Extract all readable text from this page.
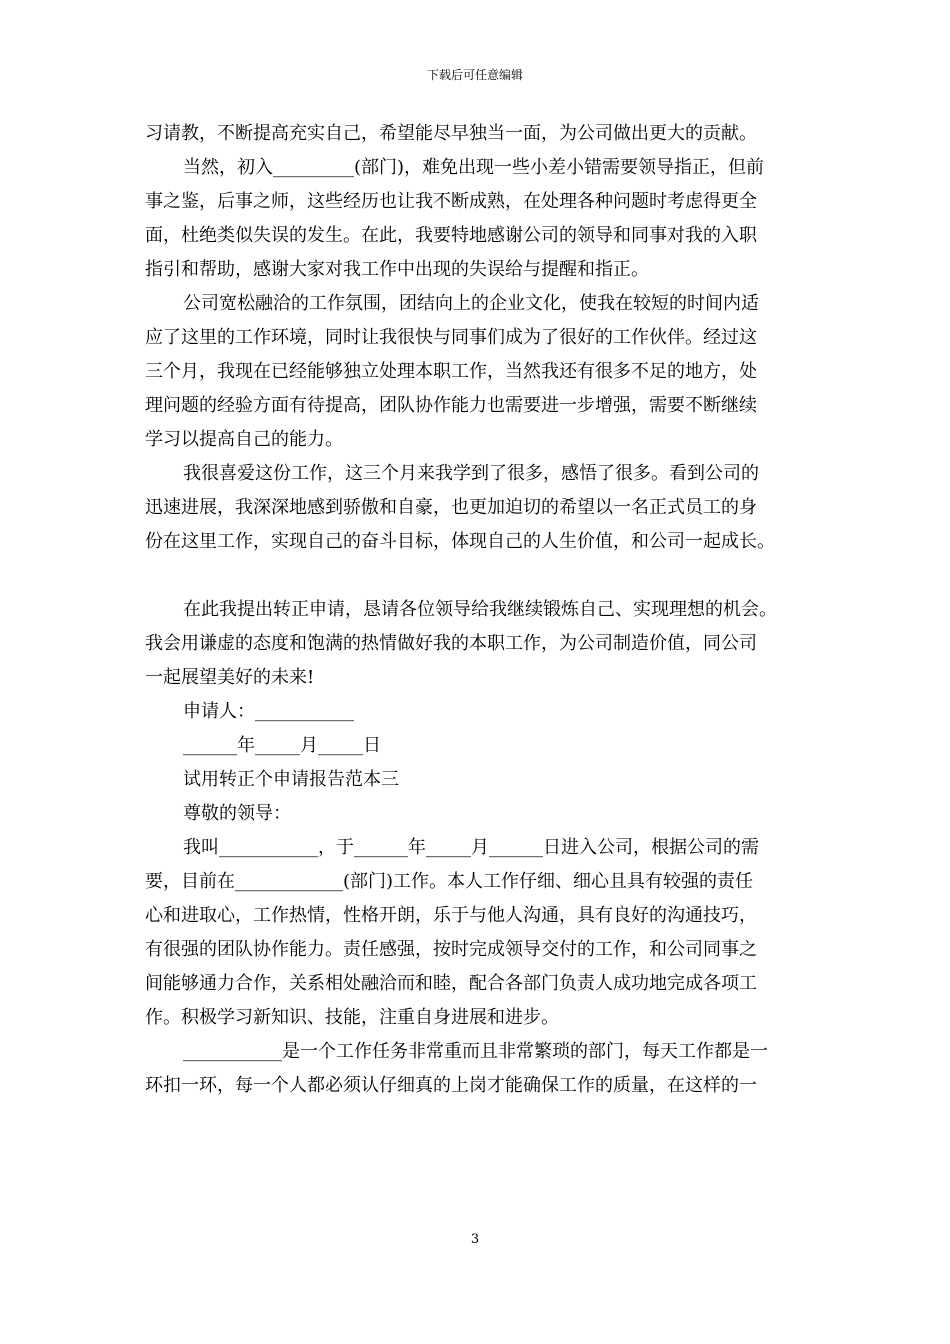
下载后可任意编辑

习请教，不断提高充实自己，希望能尽早独当一面，为公司做出更大的贡献。

当然，初入_________(部门)，难免出现一些小差小错需要领导指正，但前

事之鉴，后事之师，这些经历也让我不断成熟，在处理各种问题时考虑得更全

面，杜绝类似失误的发生。在此，我要特地感谢公司的领导和同事对我的入职

指引和帮助，感谢大家对我工作中出现的失误给与提醒和指正。

公司宽松融洽的工作氛围，团结向上的企业文化，使我在较短的时间内适

应了这里的工作环境，同时让我很快与同事们成为了很好的工作伙伴。经过这

三个月，我现在已经能够独立处理本职工作，当然我还有很多不足的地方，处

理问题的经验方面有待提高，团队协作能力也需要进一步增强，需要不断继续

学习以提高自己的能力。

我很喜爱这份工作，这三个月来我学到了很多，感悟了很多。看到公司的

迅速进展，我深深地感到骄傲和自豪，也更加迫切的希望以一名正式员工的身

份在这里工作，实现自己的奋斗目标，体现自己的人生价值，和公司一起成长。

在此我提出转正申请，恳请各位领导给我继续锻炼自己、实现理想的机会。

我会用谦虚的态度和饱满的热情做好我的本职工作，为公司制造价值，同公司

一起展望美好的未来!

申请人：___________

______年_____月_____日

试用转正个申请报告范本三

尊敬的领导：

我叫___________，于______年_____月______日进入公司，根据公司的需

要，目前在____________(部门)工作。本人工作仔细、细心且具有较强的责任

心和进取心，工作热情，性格开朗，乐于与他人沟通，具有良好的沟通技巧，

有很强的团队协作能力。责任感强，按时完成领导交付的工作，和公司同事之

间能够通力合作，关系相处融洽而和睦，配合各部门负责人成功地完成各项工

作。积极学习新知识、技能，注重自身进展和进步。

___________是一个工作任务非常重而且非常繁琐的部门，每天工作都是一

环扣一环，每一个人都必须认仔细真的上岗才能确保工作的质量，在这样的一

3
